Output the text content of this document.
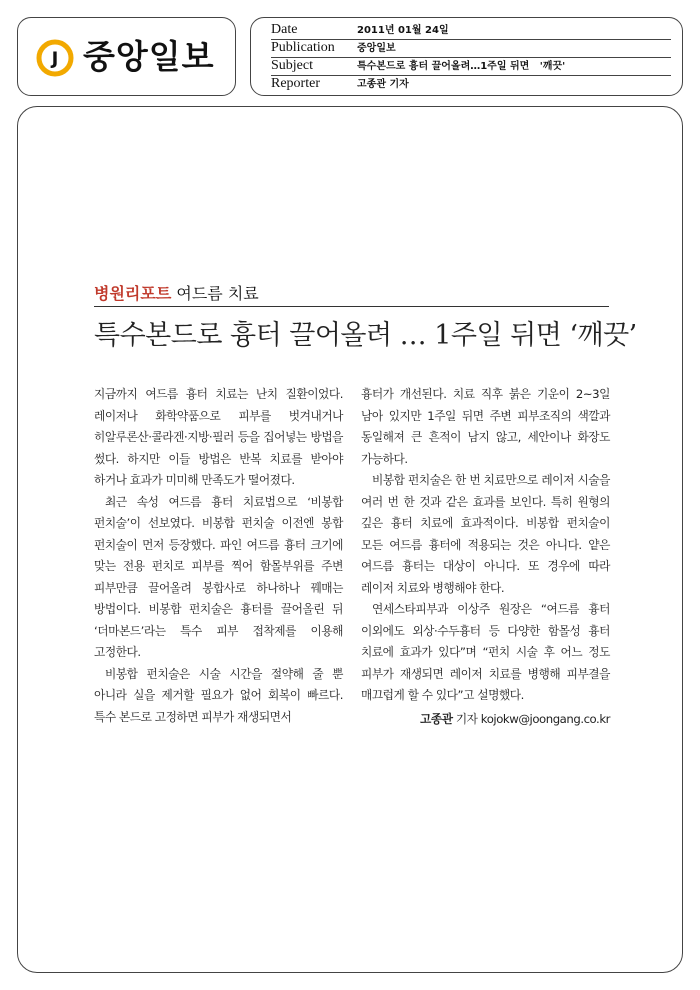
J 중앙일보
Date	2011년 01월 24일
Publication 중앙일보
Subject	특수본드로 흉터 끌어올려…1주일 뒤면   '깨끗'
Reporter	고종관 기자
병원리포트 여드름 치료
특수본드로 흉터 끌어올려 … 1주일 뒤면 ‘깨끗’

지금까지 여드름 흉터 치료는 난치 질환이었다. 레이저나 화학약품으로 피부를 벗겨내거나 히알루론산·콜라겐·지방·필러 등을 집어넣는 방법을 썼다. 하지만 이들 방법은 반복 치료를 받아야 하거나 효과가 미미해 만족도가 떨어졌다.

최근 속성 여드름 흉터 치료법으로 ‘비봉합 펀치술’이 선보였다. 비봉합 펀치술 이전엔 봉합 펀치술이 먼저 등장했다. 파인 여드름 흉터 크기에 맞는 전용 펀치로 피부를 찍어 함몰부위를 주변 피부만큼 끌어올려 봉합사로 하나하나 꿰매는 방법이다. 비봉합 펀치술은 흉터를 끌어올린 뒤 ‘더마본드’라는 특수 피부 접착제를 이용해 고정한다.

비봉합 펀치술은 시술 시간을 절약해 줄 뿐 아니라 실을 제거할 필요가 없어 회복이 빠르다. 특수 본드로 고정하면 피부가 재생되면서

흉터가 개선된다. 치료 직후 붉은 기운이 2~3일 남아 있지만 1주일 뒤면 주변 피부조직의 색깔과 동일해져 큰 흔적이 남지 않고, 세안이나 화장도 가능하다.

비봉합 펀치술은 한 번 치료만으로 레이저 시술을 여러 번 한 것과 같은 효과를 보인다. 특히 원형의 깊은 흉터 치료에 효과적이다. 비봉합 펀치술이 모든 여드름 흉터에 적용되는 것은 아니다. 얕은 여드름 흉터는 대상이 아니다. 또 경우에 따라 레이저 치료와 병행해야 한다.

연세스타피부과 이상주 원장은 “여드름 흉터 이외에도 외상·수두흉터 등 다양한 함몰성 흉터 치료에 효과가 있다”며 “펀치 시술 후 어느 정도 피부가 재생되면 레이저 치료를 병행해 피부결을 매끄럽게 할 수 있다”고 설명했다.

고종관 기자 kojokw@joongang.co.kr
